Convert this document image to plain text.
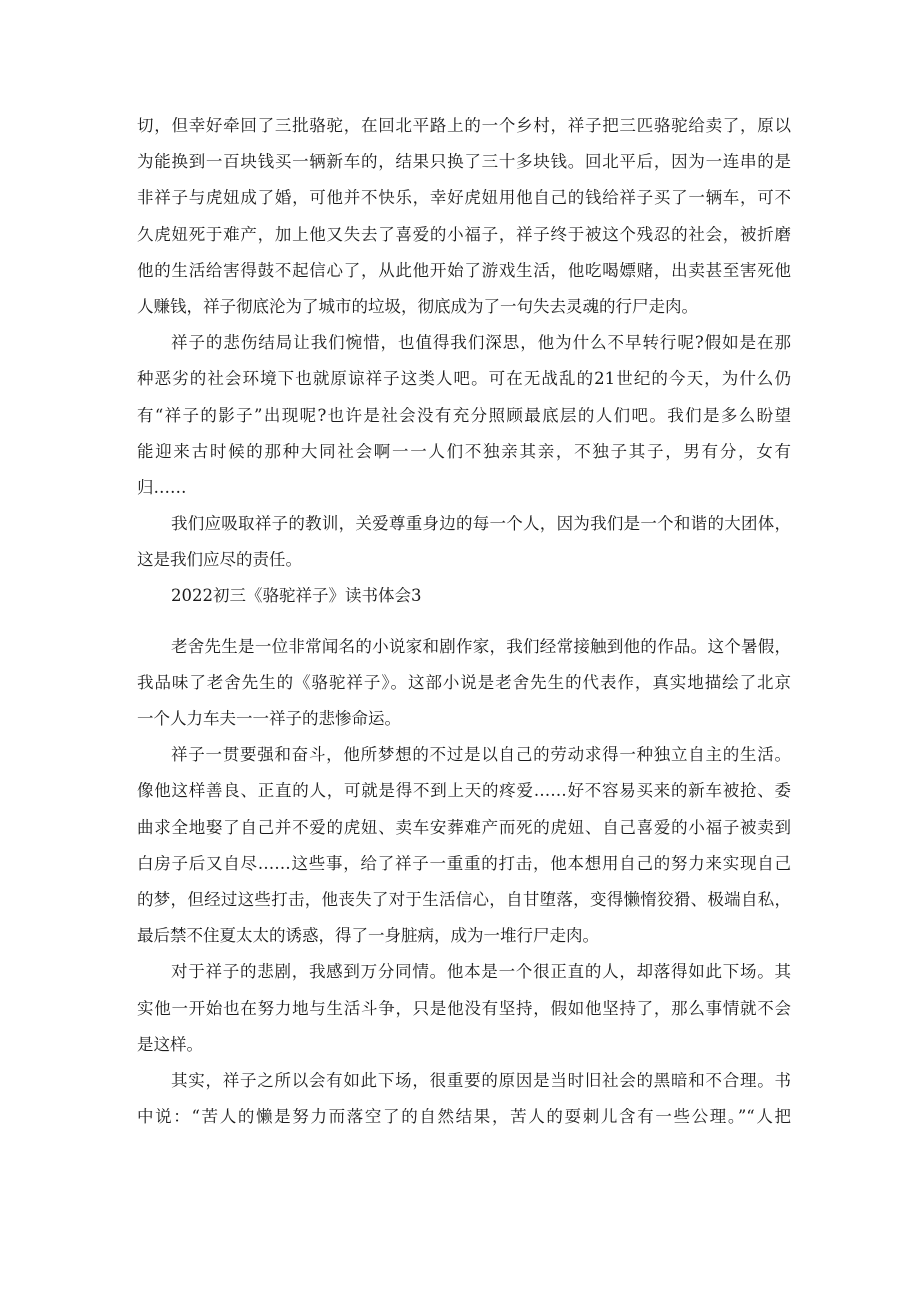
切，但幸好牵回了三批骆驼，在回北平路上的一个乡村，祥子把三匹骆驼给卖了，原以
为能换到一百块钱买一辆新车的，结果只换了三十多块钱。回北平后，因为一连串的是
非祥子与虎妞成了婚，可他并不快乐，幸好虎妞用他自己的钱给祥子买了一辆车，可不
久虎妞死于难产，加上他又失去了喜爱的小福子，祥子终于被这个残忍的社会，被折磨
他的生活给害得鼓不起信心了，从此他开始了游戏生活，他吃喝嫖赌，出卖甚至害死他
人赚钱，祥子彻底沦为了城市的垃圾，彻底成为了一句失去灵魂的行尸走肉。
祥子的悲伤结局让我们惋惜，也值得我们深思，他为什么不早转行呢?假如是在那
种恶劣的社会环境下也就原谅祥子这类人吧。可在无战乱的21世纪的今天，为什么仍
有“祥子的影子”出现呢?也许是社会没有充分照顾最底层的人们吧。我们是多么盼望
能迎来古时候的那种大同社会啊一一人们不独亲其亲，不独子其子，男有分，女有
归……
我们应吸取祥子的教训，关爱尊重身边的每一个人，因为我们是一个和谐的大团体，
这是我们应尽的责任。
2022初三《骆驼祥子》读书体会3
老舍先生是一位非常闻名的小说家和剧作家，我们经常接触到他的作品。这个暑假，
我品味了老舍先生的《骆驼祥子》。这部小说是老舍先生的代表作，真实地描绘了北京
一个人力车夫一一祥子的悲惨命运。
祥子一贯要强和奋斗，他所梦想的不过是以自己的劳动求得一种独立自主的生活。
像他这样善良、正直的人，可就是得不到上天的疼爱……好不容易买来的新车被抢、委
曲求全地娶了自己并不爱的虎妞、卖车安葬难产而死的虎妞、自己喜爱的小福子被卖到
白房子后又自尽……这些事，给了祥子一重重的打击，他本想用自己的努力来实现自己
的梦，但经过这些打击，他丧失了对于生活信心，自甘堕落，变得懒惰狡猾、极端自私，
最后禁不住夏太太的诱惑，得了一身脏病，成为一堆行尸走肉。
对于祥子的悲剧，我感到万分同情。他本是一个很正直的人，却落得如此下场。其
实他一开始也在努力地与生活斗争，只是他没有坚持，假如他坚持了，那么事情就不会
是这样。
其实，祥子之所以会有如此下场，很重要的原因是当时旧社会的黑暗和不合理。书
中说：“苦人的懒是努力而落空了的自然结果，苦人的耍刺儿含有一些公理。”“人把
